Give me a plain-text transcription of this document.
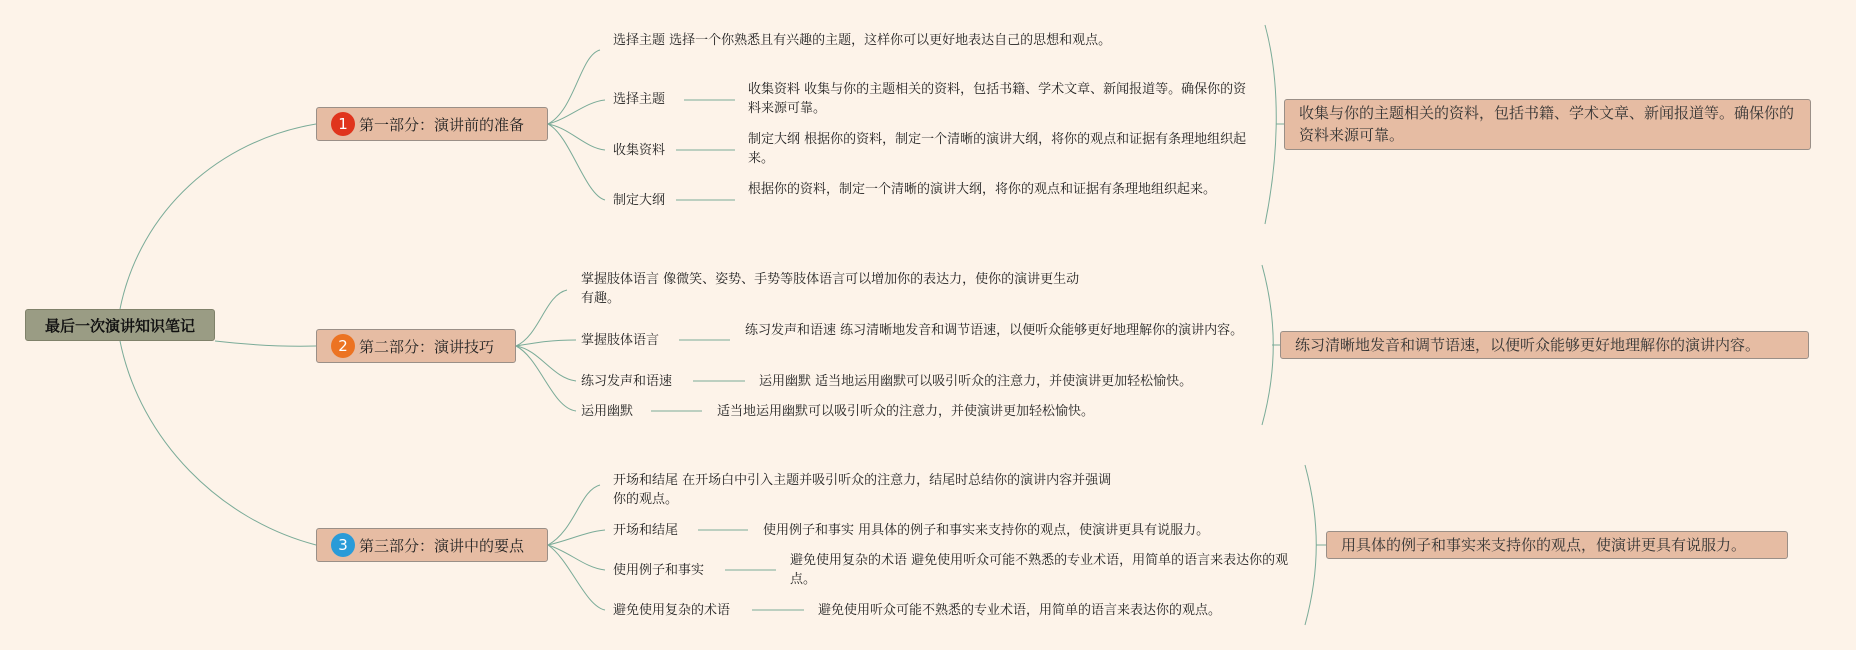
最后一次演讲知识笔记
1 第一部分：演讲前的准备
选择主题 选择一个你熟悉且有兴趣的主题，这样你可以更好地表达自己的思想和观点。
选择主题
收集资料 收集与你的主题相关的资料，包括书籍、学术文章、新闻报道等。确保你的资料来源可靠。
收集资料
制定大纲 根据你的资料，制定一个清晰的演讲大纲，将你的观点和证据有条理地组织起来。
制定大纲
根据你的资料，制定一个清晰的演讲大纲，将你的观点和证据有条理地组织起来。
收集与你的主题相关的资料，包括书籍、学术文章、新闻报道等。确保你的资料来源可靠。
2 第二部分：演讲技巧
掌握肢体语言 像微笑、姿势、手势等肢体语言可以增加你的表达力，使你的演讲更生动有趣。
掌握肢体语言
练习发声和语速 练习清晰地发音和调节语速，以便听众能够更好地理解你的演讲内容。
练习发声和语速	运用幽默 适当地运用幽默可以吸引听众的注意力，并使演讲更加轻松愉快。
运用幽默	适当地运用幽默可以吸引听众的注意力，并使演讲更加轻松愉快。
练习清晰地发音和调节语速，以便听众能够更好地理解你的演讲内容。
3 第三部分：演讲中的要点
开场和结尾 在开场白中引入主题并吸引听众的注意力，结尾时总结你的演讲内容并强调你的观点。
开场和结尾	使用例子和事实 用具体的例子和事实来支持你的观点，使演讲更具有说服力。
使用例子和事实
避免使用复杂的术语 避免使用听众可能不熟悉的专业术语，用简单的语言来表达你的观点。
避免使用复杂的术语	避免使用听众可能不熟悉的专业术语，用简单的语言来表达你的观点。
用具体的例子和事实来支持你的观点，使演讲更具有说服力。
